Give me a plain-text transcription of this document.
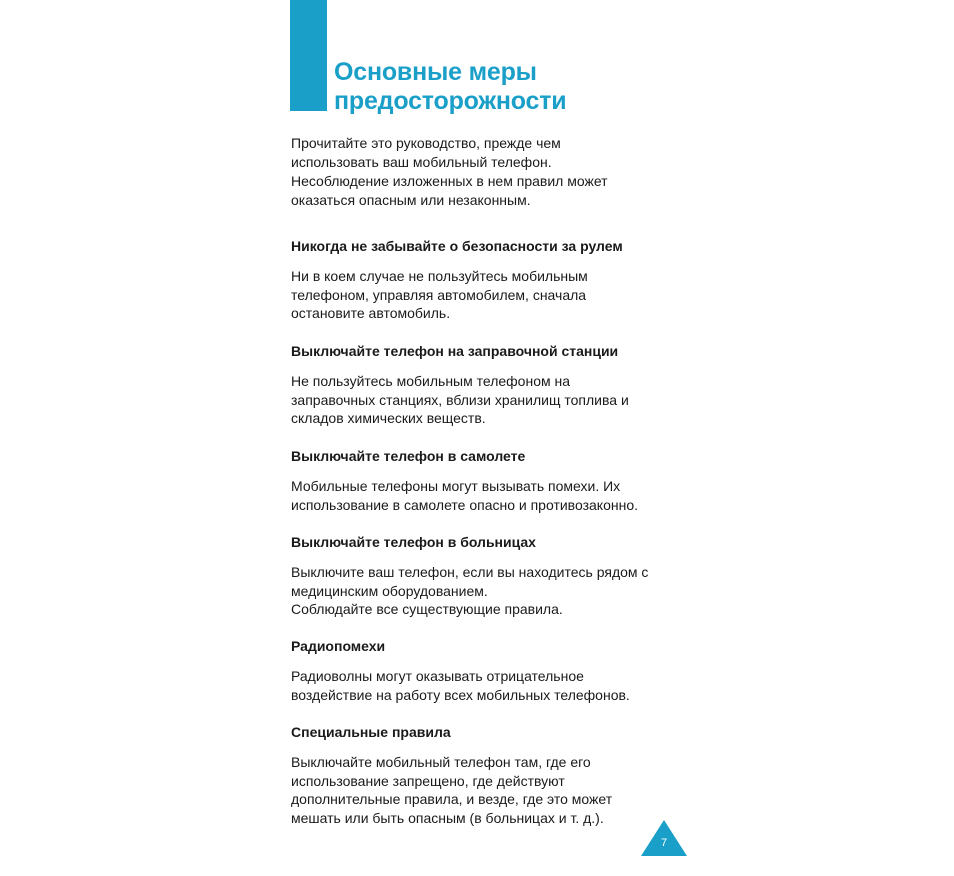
Основные меры
предосторожности

Прочитайте это руководство, прежде чем
использовать ваш мобильный телефон.
Несоблюдение изложенных в нем правил может
оказаться опасным или незаконным.

Никогда не забывайте о безопасности за рулем
Ни в коем случае не пользуйтесь мобильным
телефоном, управляя автомобилем, сначала
остановите автомобиль.
Выключайте телефон на заправочной станции
Не пользуйтесь мобильным телефоном на
заправочных станциях, вблизи хранилищ топлива и
складов химических веществ.
Выключайте телефон в самолете
Мобильные телефоны могут вызывать помехи. Их
использование в самолете опасно и противозаконно.
Выключайте телефон в больницах
Выключите ваш телефон, если вы находитесь рядом с
медицинским оборудованием.
Соблюдайте все существующие правила.
Радиопомехи
Радиоволны могут оказывать отрицательное
воздействие на работу всех мобильных телефонов.
Специальные правила
Выключайте мобильный телефон там, где его
использование запрещено, где действуют
дополнительные правила, и везде, где это может
мешать или быть опасным (в больницах и т. д.).
7
